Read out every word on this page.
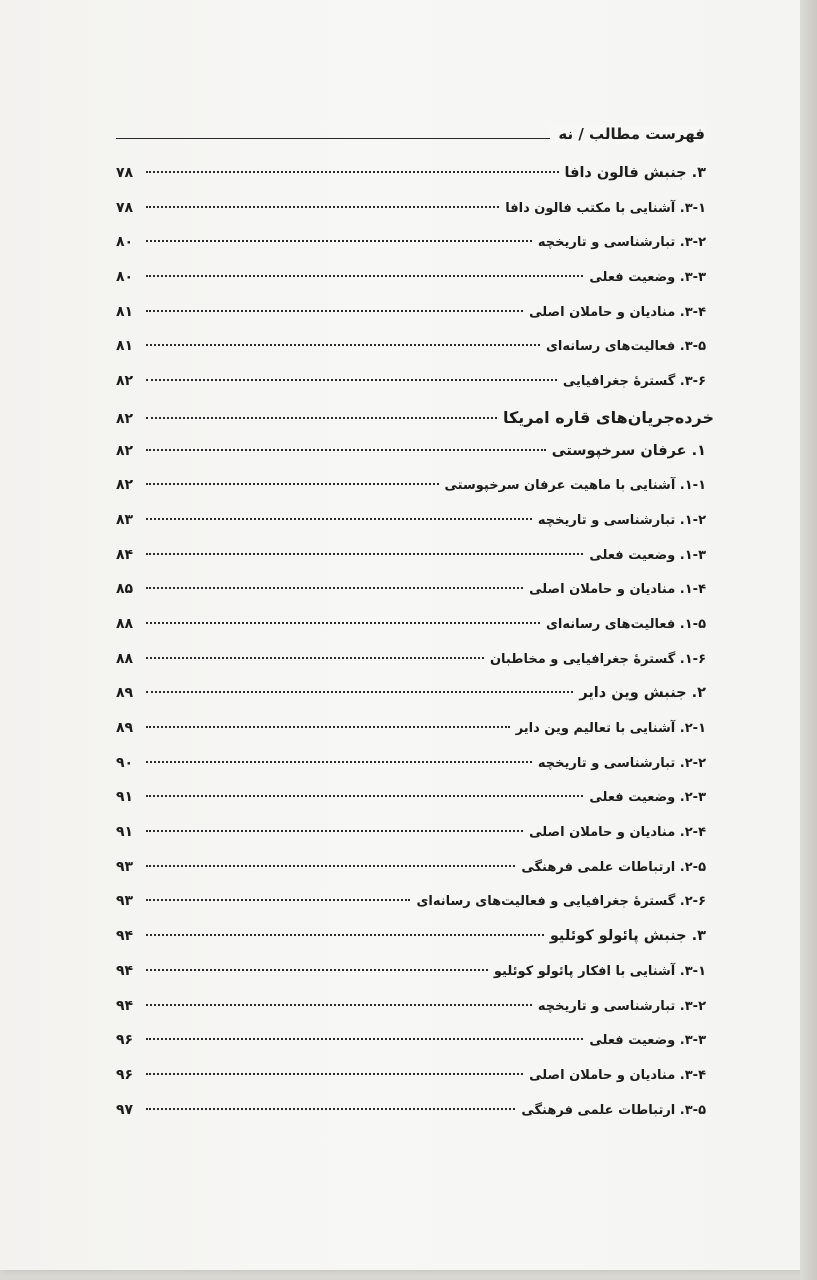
فهرست مطالب / نه
۳. جنبش فالون دافا
۷۸
۳-۱. آشنایی با مکتب فالون دافا
۷۸
۳-۲. تبارشناسی و تاریخچه
۸۰
۳-۳. وضعیت فعلی
۸۰
۳-۴. منادیان و حاملان اصلی
۸۱
۳-۵. فعالیت‌های رسانه‌ای
۸۱
۳-۶. گسترهٔ جغرافیایی
۸۲
خرده‌جریان‌های قاره امریکا
۸۲
۱. عرفان سرخپوستی
۸۲
۱-۱. آشنایی با ماهیت عرفان سرخپوستی
۸۲
۱-۲. تبارشناسی و تاریخچه
۸۳
۱-۳. وضعیت فعلی
۸۴
۱-۴. منادیان و حاملان اصلی
۸۵
۱-۵. فعالیت‌های رسانه‌ای
۸۸
۱-۶. گسترهٔ جغرافیایی و مخاطبان
۸۸
۲. جنبش وین دایر
۸۹
۲-۱. آشنایی با تعالیم وین دایر
۸۹
۲-۲. تبارشناسی و تاریخچه
۹۰
۲-۳. وضعیت فعلی
۹۱
۲-۴. منادیان و حاملان اصلی
۹۱
۲-۵. ارتباطات علمی فرهنگی
۹۳
۲-۶. گسترهٔ جغرافیایی و فعالیت‌های رسانه‌ای
۹۳
۳. جنبش پائولو کوئلیو
۹۴
۳-۱. آشنایی با افکار پائولو کوئلیو
۹۴
۳-۲. تبارشناسی و تاریخچه
۹۴
۳-۳. وضعیت فعلی
۹۶
۳-۴. منادیان و حاملان اصلی
۹۶
۳-۵. ارتباطات علمی فرهنگی
۹۷
